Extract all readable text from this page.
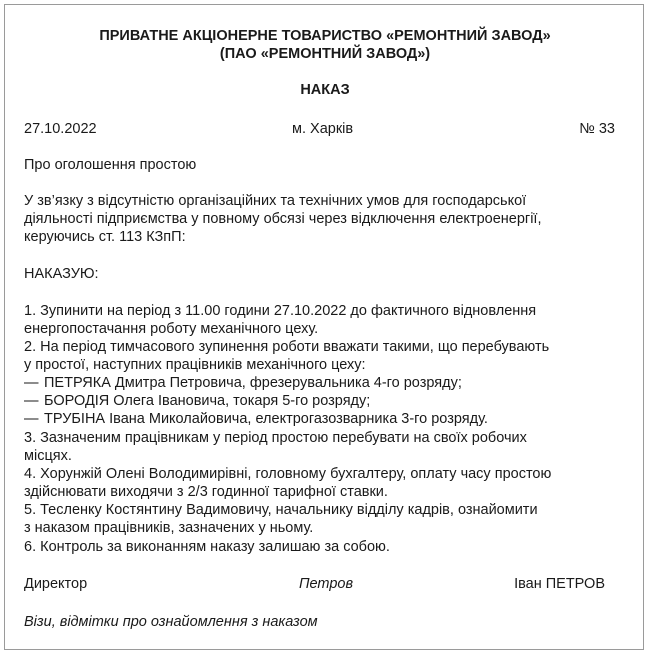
ПРИВАТНЕ АКЦІОНЕРНЕ ТОВАРИСТВО «РЕМОНТНИЙ ЗАВОД»
(ПАО «РЕМОНТНИЙ ЗАВОД»)
НАКАЗ
27.10.2022	м. Харків	№ 33
Про оголошення простою
У зв’язку з відсутністю організаційних та технічних умов для господарської
діяльності підприємства у повному обсязі через відключення електроенергії,
керуючись ст. 113 КЗпП:
НАКАЗУЮ:
1. Зупинити на період з 11.00 години 27.10.2022 до фактичного відновлення
енергопостачання роботу механічного цеху.
2. На період тимчасового зупинення роботи вважати такими, що перебувають
у простої, наступних працівників механічного цеху:
— ПЕТРЯКА Дмитра Петровича, фрезерувальника 4-го розряду;
— БОРОДІЯ Олега Івановича, токаря 5-го розряду;
— ТРУБІНА Івана Миколайовича, електрогазозварника 3-го розряду.
3. Зазначеним працівникам у період простою перебувати на своїх робочих
місцях.
4. Хорунжій Олені Володимирівні, головному бухгалтеру, оплату часу простою
здійснювати виходячи з 2/3 годинної тарифної ставки.
5. Тесленку Костянтину Вадимовичу, начальнику відділу кадрів, ознайомити
з наказом працівників, зазначених у ньому.
6. Контроль за виконанням наказу залишаю за собою.
Директор	Петров	Іван ПЕТРОВ
Візи, відмітки про ознайомлення з наказом
